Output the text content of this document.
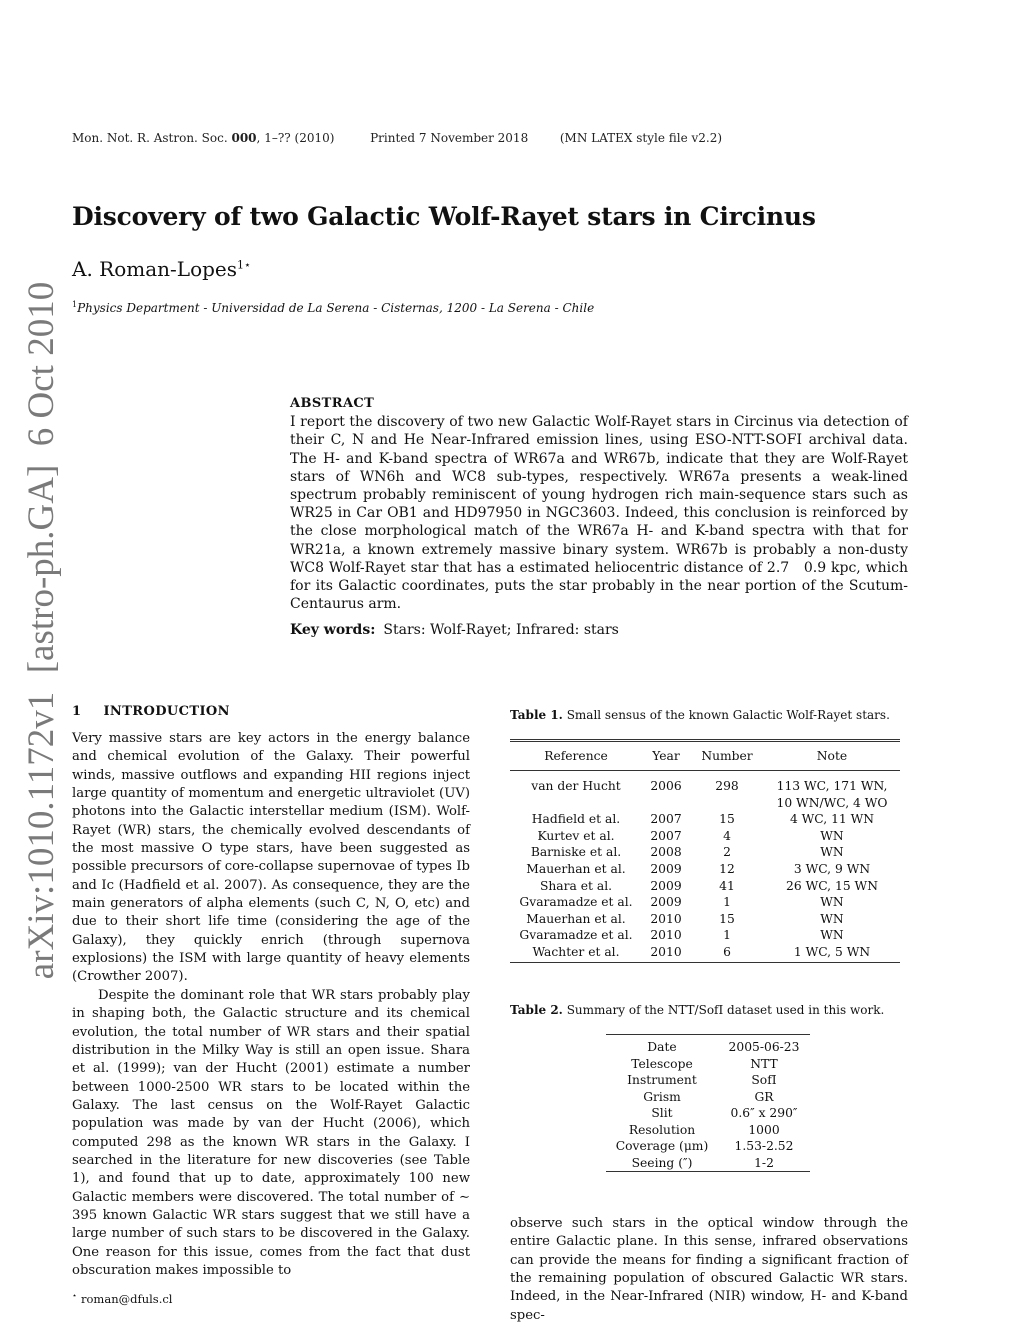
Mon. Not. R. Astron. Soc. 000, 1–?? (2010)	Printed 7 November 2018	(MN LATEX style file v2.2)
arXiv:1010.1172v1  [astro-ph.GA]  6 Oct 2010
Discovery of two Galactic Wolf-Rayet stars in Circinus
A. Roman-Lopes$^{1⋆}$
$^1$Physics Department - Universidad de La Serena - Cisternas, 1200 - La Serena - Chile
ABSTRACT
I report the discovery of two new Galactic Wolf-Rayet stars in Circinus via detection of their C, N and He Near-Infrared emission lines, using ESO-NTT-SOFI archival data. The H- and K-band spectra of WR67a and WR67b, indicate that they are Wolf-Rayet stars of WN6h and WC8 sub-types, respectively. WR67a presents a weak-lined spectrum probably reminiscent of young hydrogen rich main-sequence stars such as WR25 in Car OB1 and HD97950 in NGC3603. Indeed, this conclusion is reinforced by the close morphological match of the WR67a H- and K-band spectra with that for WR21a, a known extremely massive binary system. WR67b is probably a non-dusty WC8 Wolf-Rayet star that has a estimated heliocentric distance of 2.7   0.9 kpc, which for its Galactic coordinates, puts the star probably in the near portion of the Scutum-Centaurus arm.
Key words: Stars: Wolf-Rayet; Infrared: stars
1 INTRODUCTION

Very massive stars are key actors in the energy balance and chemical evolution of the Galaxy. Their powerful winds, massive outflows and expanding HII regions inject large quantity of momentum and energetic ultraviolet (UV) photons into the Galactic interstellar medium (ISM). Wolf-Rayet (WR) stars, the chemically evolved descendants of the most massive O type stars, have been suggested as possible precursors of core-collapse supernovae of types Ib and Ic (Hadfield et al. 2007). As consequence, they are the main generators of alpha elements (such C, N, O, etc) and due to their short life time (considering the age of the Galaxy), they quickly enrich (through supernova explosions) the ISM with large quantity of heavy elements (Crowther 2007).

Despite the dominant role that WR stars probably play in shaping both, the Galactic structure and its chemical evolution, the total number of WR stars and their spatial distribution in the Milky Way is still an open issue. Shara et al. (1999); van der Hucht (2001) estimate a number between 1000-2500 WR stars to be located within the Galaxy. The last census on the Wolf-Rayet Galactic population was made by van der Hucht (2006), which computed 298 as the known WR stars in the Galaxy. I searched in the literature for new discoveries (see Table 1), and found that up to date, approximately 100 new Galactic members were discovered. The total number of ∼ 395 known Galactic WR stars suggest that we still have a large number of such stars to be discovered in the Galaxy. One reason for this issue, comes from the fact that dust obscuration makes impossible to

Table 1. Small sensus of the known Galactic Wolf-Rayet stars.
Reference	Year	Number	Note
van der Hucht	2006	298	113 WC, 171 WN,
			10 WN/WC, 4 WO
Hadfield et al.	2007	15	4 WC, 11 WN
Kurtev et al.	2007	4	WN
Barniske et al.	2008	2	WN
Mauerhan et al.	2009	12	3 WC, 9 WN
Shara et al.	2009	41	26 WC, 15 WN
Gvaramadze et al.	2009	1	WN
Mauerhan et al.	2010	15	WN
Gvaramadze et al.	2010	1	WN
Wachter et al.	2010	6	1 WC, 5 WN
Table 2. Summary of the NTT/SofI dataset used in this work.
Date	2005-06-23
Telescope	NTT
Instrument	SofI
Grism	GR
Slit	0.6″ x 290″
Resolution	1000
Coverage (μm)	1.53-2.52
Seeing (″)	1-2

observe such stars in the optical window through the entire Galactic plane. In this sense, infrared observations can provide the means for finding a significant fraction of the remaining population of obscured Galactic WR stars. Indeed, in the Near-Infrared (NIR) window, H- and K-band spec-

⋆ roman@dfuls.cl
